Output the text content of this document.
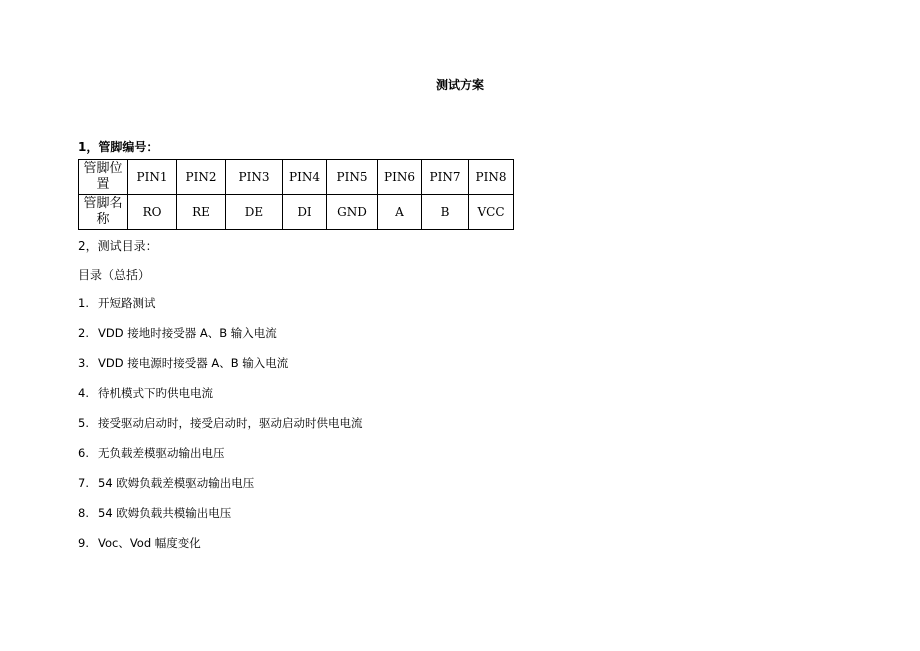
测试方案
1，管脚编号：
管脚位置	PIN1	PIN2	PIN3	PIN4	PIN5	PIN6	PIN7	PIN8
管脚名称	RO	RE	DE	DI	GND	A	B	VCC
2，测试目录：
目录（总括）
1. 开短路测试
2. VDD 接地时接受器 A、B 输入电流
3. VDD 接电源时接受器 A、B 输入电流
4. 待机模式下旳供电电流
5. 接受驱动启动时，接受启动时，驱动启动时供电电流
6. 无负载差模驱动输出电压
7. 54 欧姆负载差模驱动输出电压
8. 54 欧姆负载共模输出电压
9. Voc、Vod 幅度变化
